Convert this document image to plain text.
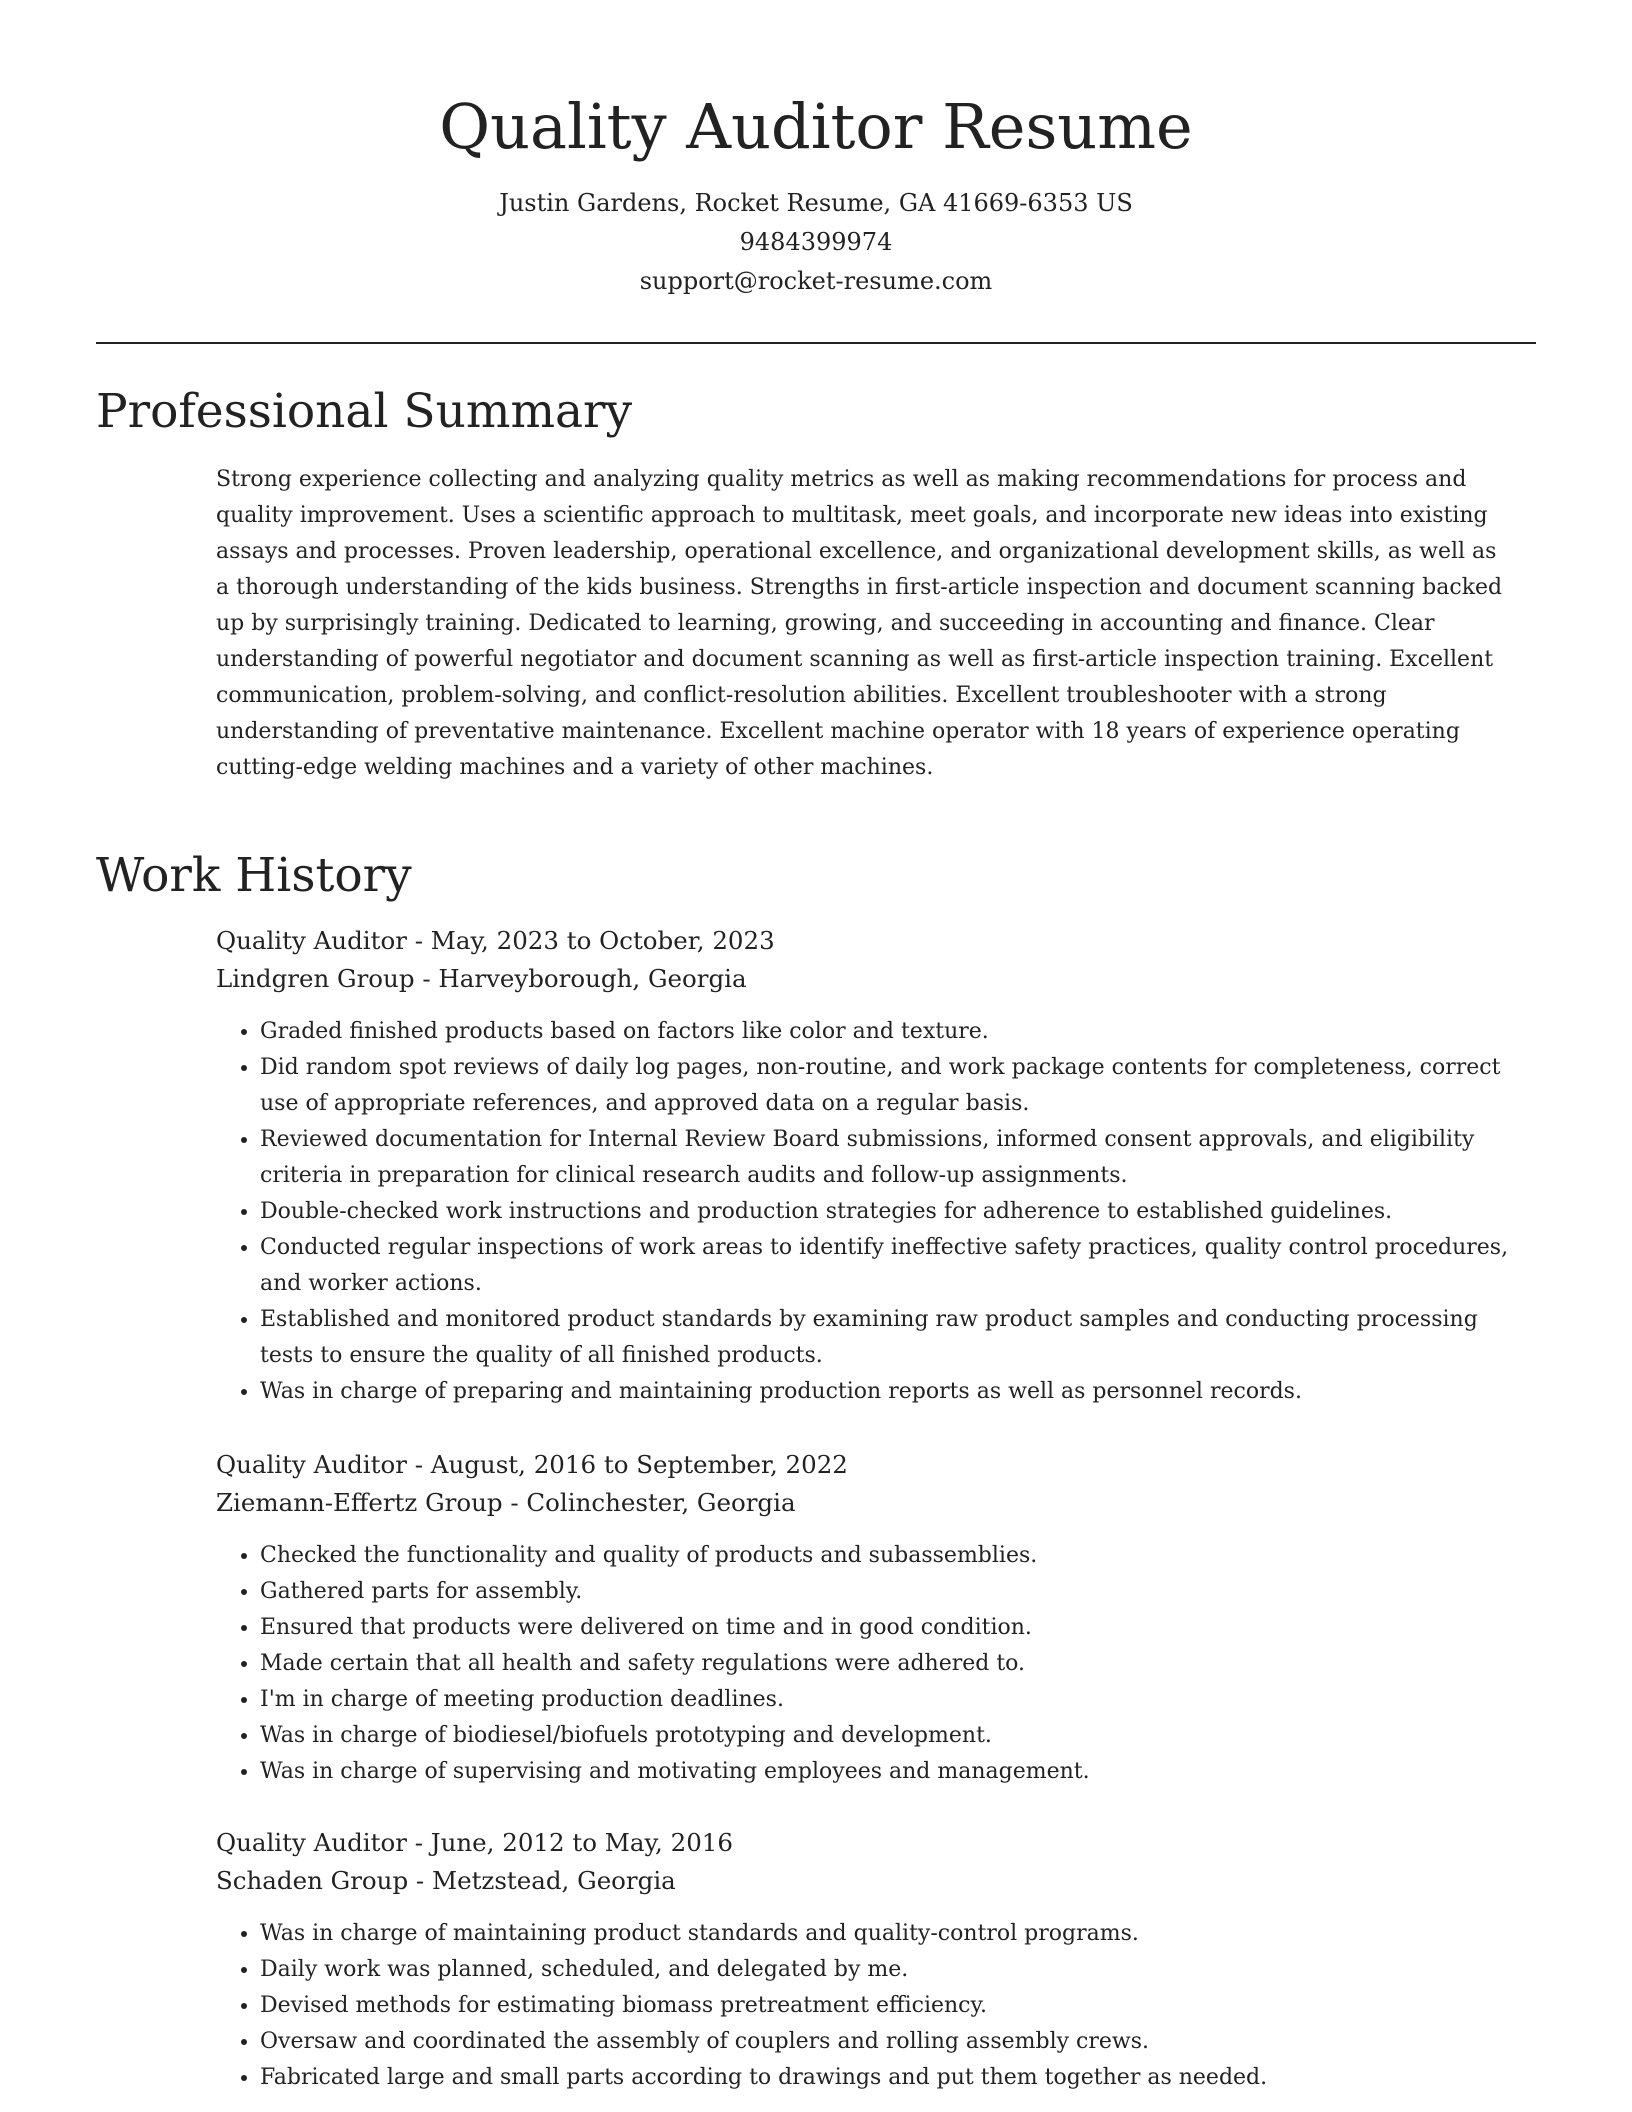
Quality Auditor Resume
Justin Gardens, Rocket Resume, GA 41669-6353 US
9484399974
support@rocket-resume.com
Professional Summary

Strong experience collecting and analyzing quality metrics as well as making recommendations for process and quality improvement. Uses a scientific approach to multitask, meet goals, and incorporate new ideas into existing assays and processes. Proven leadership, operational excellence, and organizational development skills, as well as a thorough understanding of the kids business. Strengths in first-article inspection and document scanning backed up by surprisingly training. Dedicated to learning, growing, and succeeding in accounting and finance. Clear understanding of powerful negotiator and document scanning as well as first-article inspection training. Excellent communication, problem-solving, and conflict-resolution abilities. Excellent troubleshooter with a strong understanding of preventative maintenance. Excellent machine operator with 18 years of experience operating cutting-edge welding machines and a variety of other machines.

Work History
Quality Auditor - May, 2023 to October, 2023
Lindgren Group - Harveyborough, Georgia
• Graded finished products based on factors like color and texture.
• Did random spot reviews of daily log pages, non-routine, and work package contents for completeness, correct use of appropriate references, and approved data on a regular basis.
• Reviewed documentation for Internal Review Board submissions, informed consent approvals, and eligibility criteria in preparation for clinical research audits and follow-up assignments.
• Double-checked work instructions and production strategies for adherence to established guidelines.
• Conducted regular inspections of work areas to identify ineffective safety practices, quality control procedures, and worker actions.
• Established and monitored product standards by examining raw product samples and conducting processing tests to ensure the quality of all finished products.
• Was in charge of preparing and maintaining production reports as well as personnel records.
Quality Auditor - August, 2016 to September, 2022
Ziemann-Effertz Group - Colinchester, Georgia
• Checked the functionality and quality of products and subassemblies.
• Gathered parts for assembly.
• Ensured that products were delivered on time and in good condition.
• Made certain that all health and safety regulations were adhered to.
• I'm in charge of meeting production deadlines.
• Was in charge of biodiesel/biofuels prototyping and development.
• Was in charge of supervising and motivating employees and management.
Quality Auditor - June, 2012 to May, 2016
Schaden Group - Metzstead, Georgia
• Was in charge of maintaining product standards and quality-control programs.
• Daily work was planned, scheduled, and delegated by me.
• Devised methods for estimating biomass pretreatment efficiency.
• Oversaw and coordinated the assembly of couplers and rolling assembly crews.
• Fabricated large and small parts according to drawings and put them together as needed.
